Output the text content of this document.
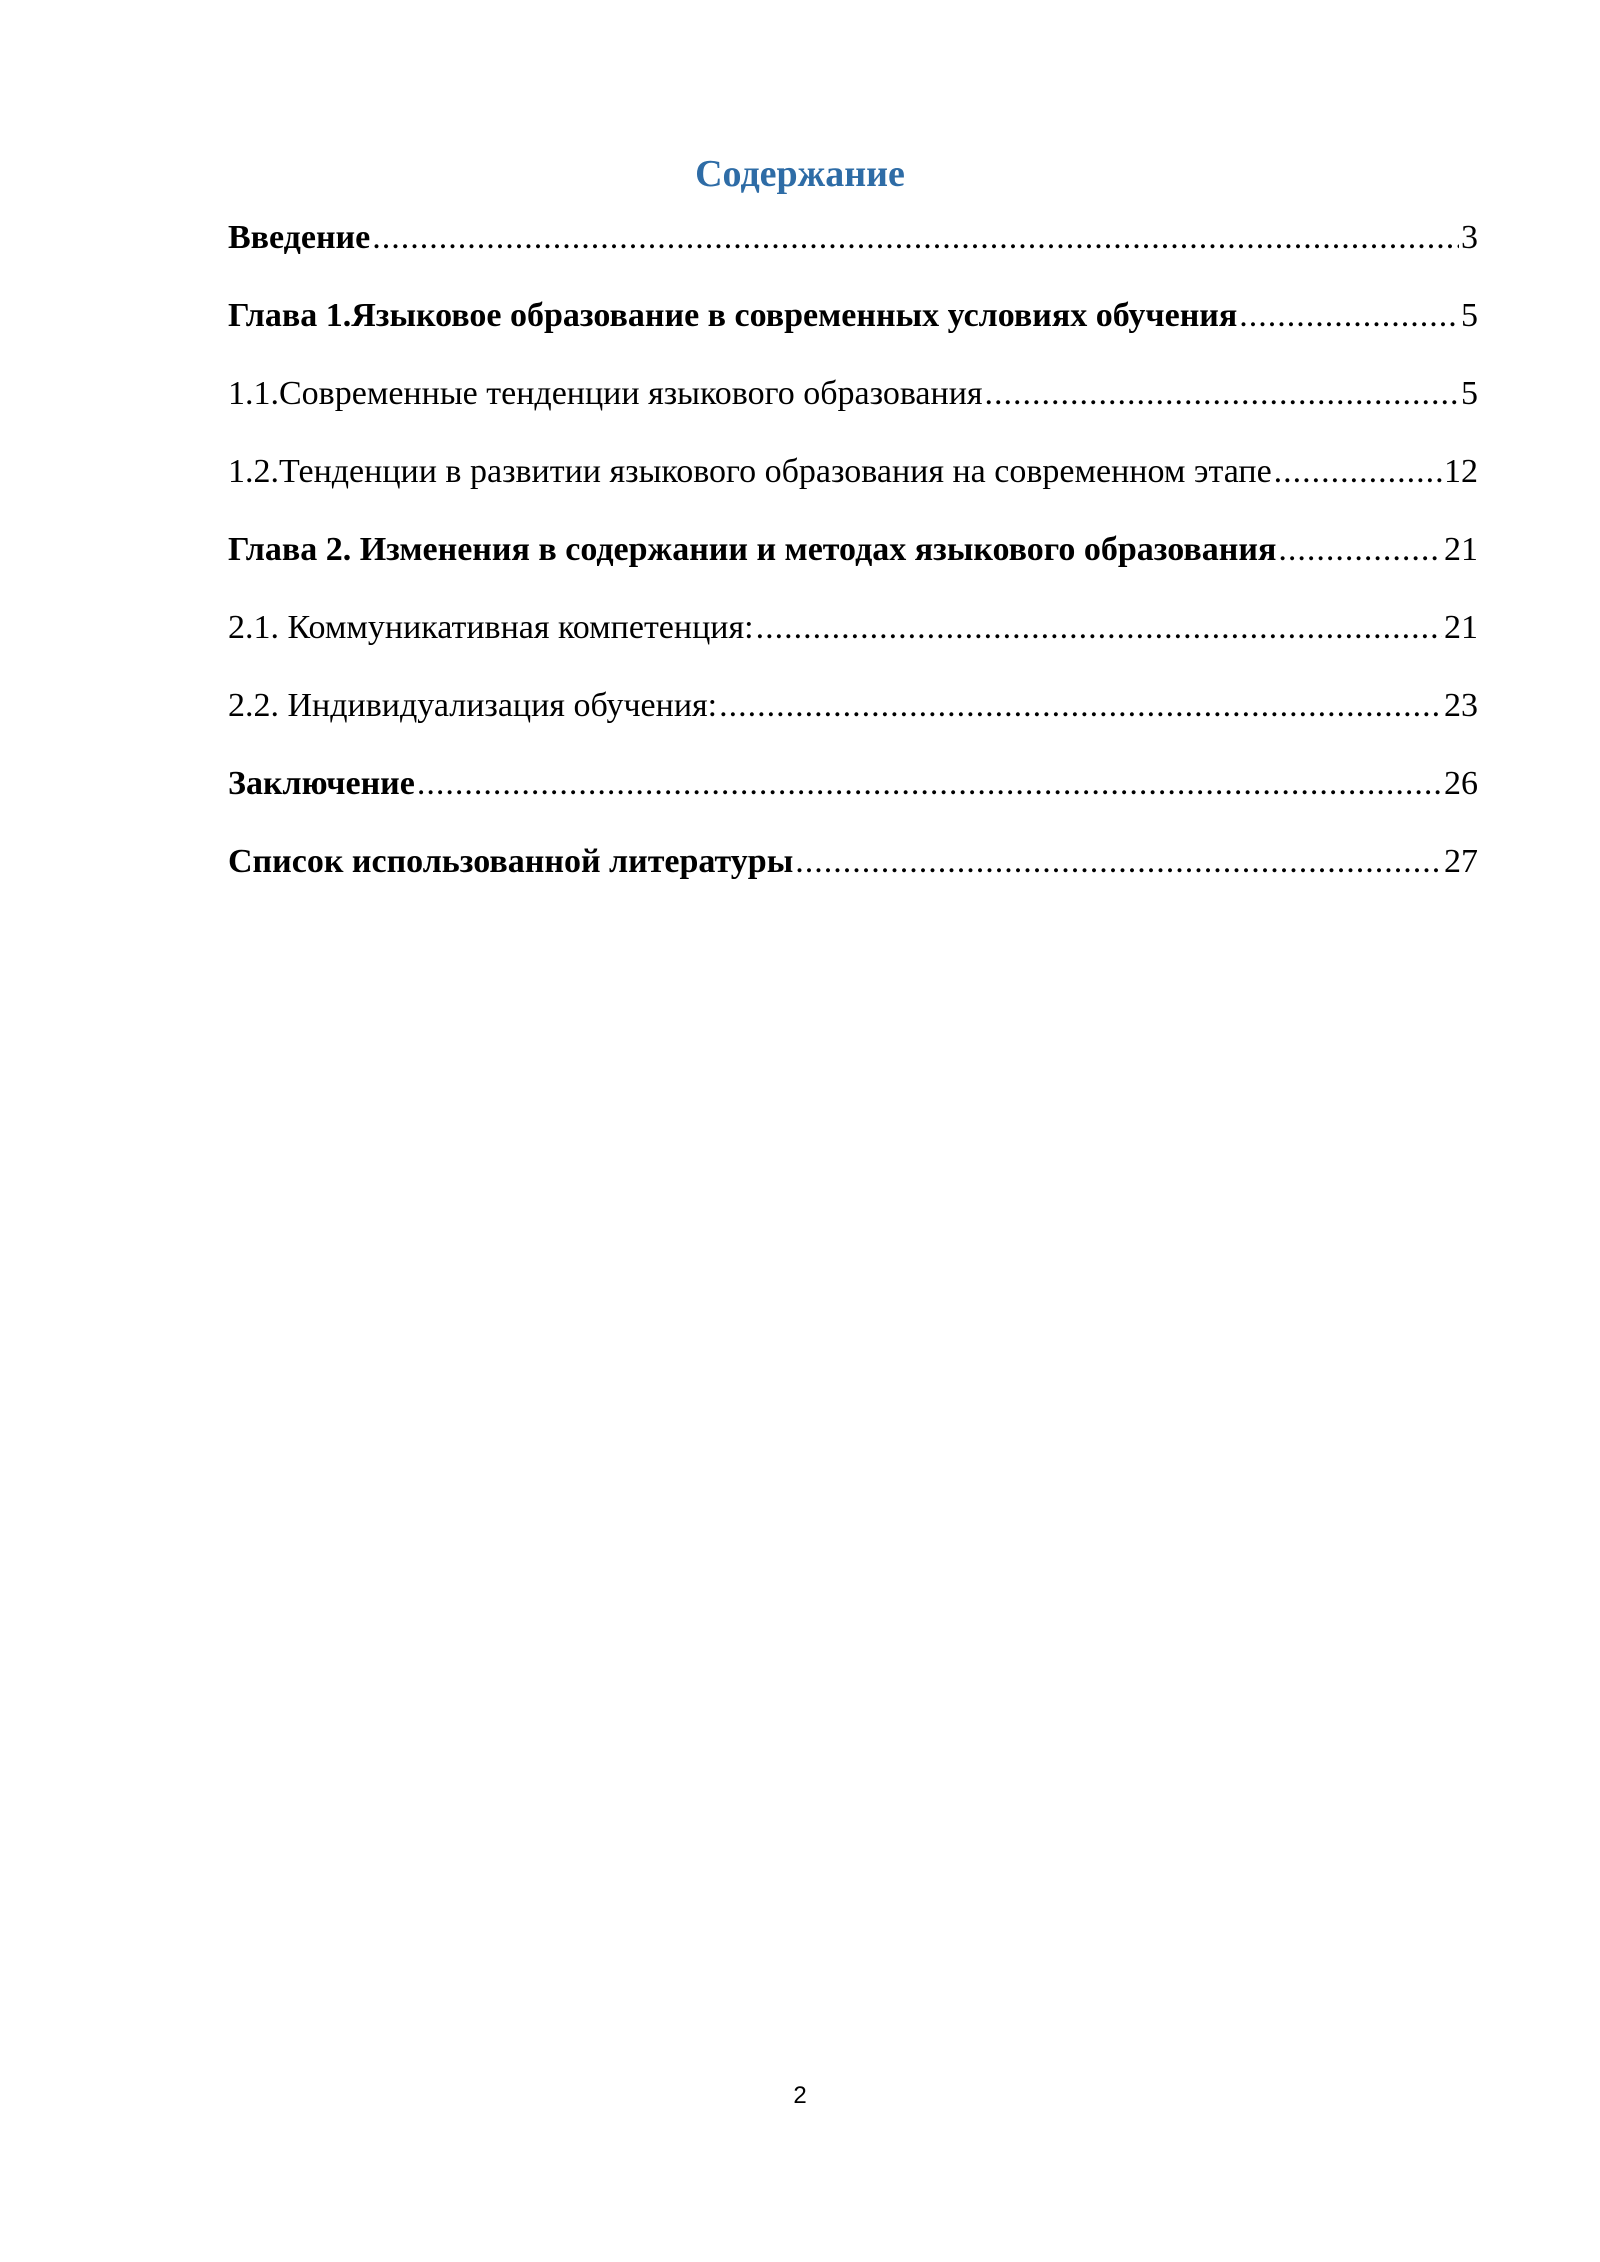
Содержание
Введение .....	3
Глава 1.Языковое образование в современных условиях обучения .....	5
1.1.Современные тенденции языкового образования .....	5
1.2.Тенденции в развитии языкового образования на современном этапе .....	12
Глава 2. Изменения в содержании и методах языкового образования .....	21
2.1. Коммуникативная компетенция: .....	21
2.2. Индивидуализация обучения: .....	23
Заключение .....	26
Список использованной литературы .....	27
2
